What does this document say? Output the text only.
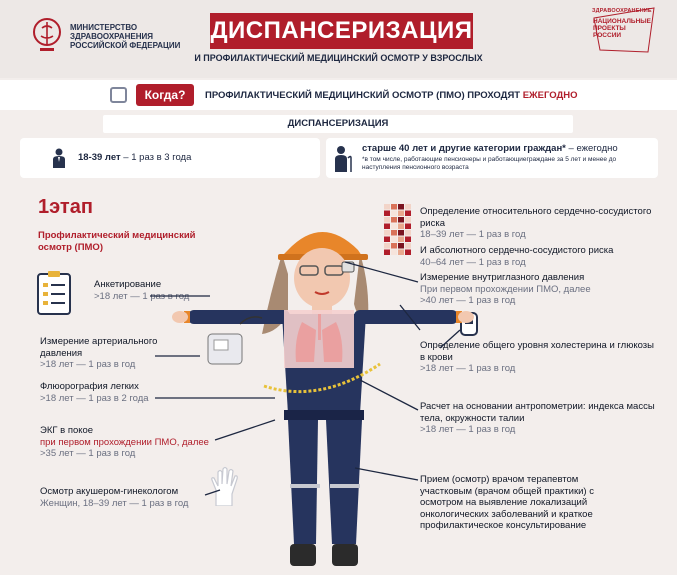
МИНИСТЕРСТВО
ЗДРАВООХРАНЕНИЯ
РОССИЙСКОЙ ФЕДЕРАЦИИ
ДИСПАНСЕРИЗАЦИЯ
И ПРОФИЛАКТИЧЕСКИЙ МЕДИЦИНСКИЙ ОСМОТР У ВЗРОСЛЫХ
ЗДРАВООХРАНЕНИЕ
НАЦИОНАЛЬНЫЕ
ПРОЕКТЫ
РОССИИ
Когда?	ПРОФИЛАКТИЧЕСКИЙ МЕДИЦИНСКИЙ ОСМОТР (ПМО) ПРОХОДЯТ ЕЖЕГОДНО
ДИСПАНСЕРИЗАЦИЯ
18-39 лет – 1 раз в 3 года
старше 40 лет и другие категории граждан* – ежегодно
*в том числе, работающие пенсионеры и работающиеграждане за 5 лет и менее до наступления пенсионного возраста
1этап
Профилактический медицинский осмотр (ПМО)
Анкетирование
>18 лет — 1 раз в год
Измерение артериального давления
>18 лет — 1 раз в год
Флюорография легких
>18 лет — 1 раз в 2 года
ЭКГ в покое
при первом прохождении ПМО, далее
>35 лет — 1 раз в год
Осмотр акушером-гинекологом
Женщин, 18–39 лет — 1 раз в год
Определение относительного сердечно-сосудистого риска
18–39 лет — 1 раз в год
И абсолютного сердечно-сосудистого риска
40–64 лет — 1 раз в год
Измерение внутриглазного давления
При первом прохождении ПМО, далее
>40 лет — 1 раз в год
Определение общего уровня холестерина и глюкозы в крови
>18 лет — 1 раз в год
Расчет на основании антропометрии: индекса массы тела, окружности талии
>18 лет — 1 раз в год
Прием (осмотр) врачом терапевтом участковым (врачом общей практики) с осмотром на выявление локализаций онкологических заболеваний и краткое профилактическое консультирование
